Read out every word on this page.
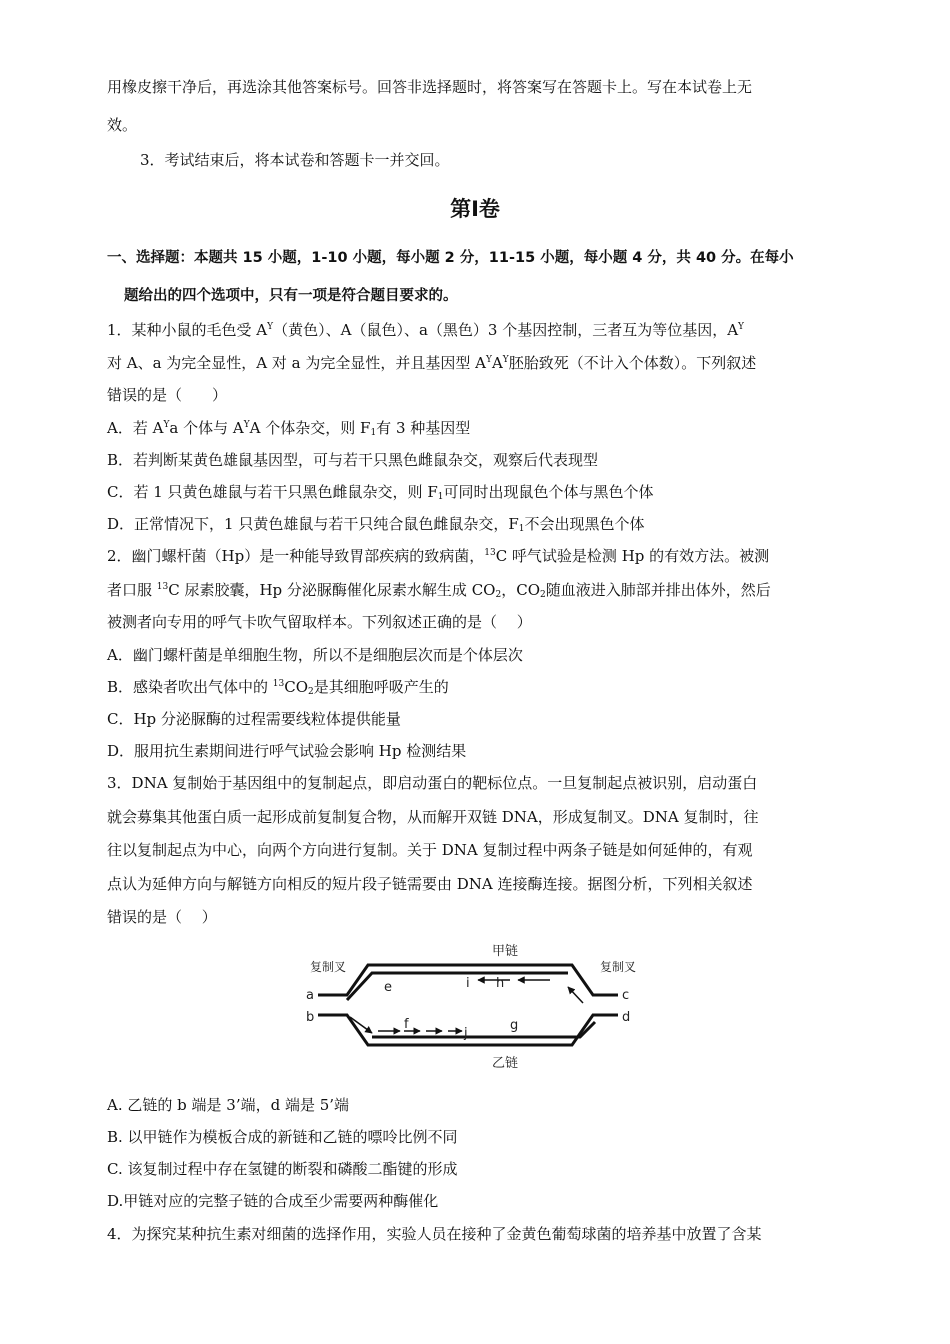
用橡皮擦干净后，再选涂其他答案标号。回答非选择题时，将答案写在答题卡上。写在本试卷上无
效。
3．考试结束后，将本试卷和答题卡一并交回。
第Ⅰ卷
一、选择题：本题共 15 小题，1-10 小题，每小题 2 分，11-15 小题，每小题 4 分，共 40 分。在每小
题给出的四个选项中，只有一项是符合题目要求的。
1．某种小鼠的毛色受 $A^Y$（黄色）、A（鼠色）、a（黑色）3 个基因控制，三者互为等位基因，$A^Y$
对 A、a 为完全显性，A 对 a 为完全显性，并且基因型 $A^YA^Y$胚胎致死（不计入个体数）。下列叙述
错误的是（　　）
A．若 $A^Ya$ 个体与 $A^YA$ 个体杂交，则 $F_1$有 3 种基因型
B．若判断某黄色雄鼠基因型，可与若干只黑色雌鼠杂交，观察后代表现型
C．若 1 只黄色雄鼠与若干只黑色雌鼠杂交，则 $F_1$可同时出现鼠色个体与黑色个体
D．正常情况下，1 只黄色雄鼠与若干只纯合鼠色雌鼠杂交，$F_1$不会出现黑色个体
2．幽门螺杆菌（Hp）是一种能导致胃部疾病的致病菌，$^{13}$C 呼气试验是检测 Hp 的有效方法。被测
者口服 $^{13}$C 尿素胶囊，Hp 分泌脲酶催化尿素水解生成 $CO_2$，$CO_2$随血液进入肺部并排出体外，然后
被测者向专用的呼气卡吹气留取样本。下列叙述正确的是（　 ）
A．幽门螺杆菌是单细胞生物，所以不是细胞层次而是个体层次
B．感染者吹出气体中的 $^{13}CO_2$是其细胞呼吸产生的
C．Hp 分泌脲酶的过程需要线粒体提供能量
D．服用抗生素期间进行呼气试验会影响 Hp 检测结果
3．DNA 复制始于基因组中的复制起点，即启动蛋白的靶标位点。一旦复制起点被识别，启动蛋白
就会募集其他蛋白质一起形成前复制复合物，从而解开双链 DNA，形成复制叉。DNA 复制时，往
往以复制起点为中心，向两个方向进行复制。关于 DNA 复制过程中两条子链是如何延伸的，有观
点认为延伸方向与解链方向相反的短片段子链需要由 DNA 连接酶连接。据图分析，下列相关叙述
错误的是（　 ）
甲链
乙链
复制叉	复制叉
a
b
c
d
e
f	g
h
i
j
A. 乙链的 b 端是 3’端，d 端是 5’端
B. 以甲链作为模板合成的新链和乙链的嘌呤比例不同
C. 该复制过程中存在氢键的断裂和磷酸二酯键的形成
D.甲链对应的完整子链的合成至少需要两种酶催化
4．为探究某种抗生素对细菌的选择作用，实验人员在接种了金黄色葡萄球菌的培养基中放置了含某
